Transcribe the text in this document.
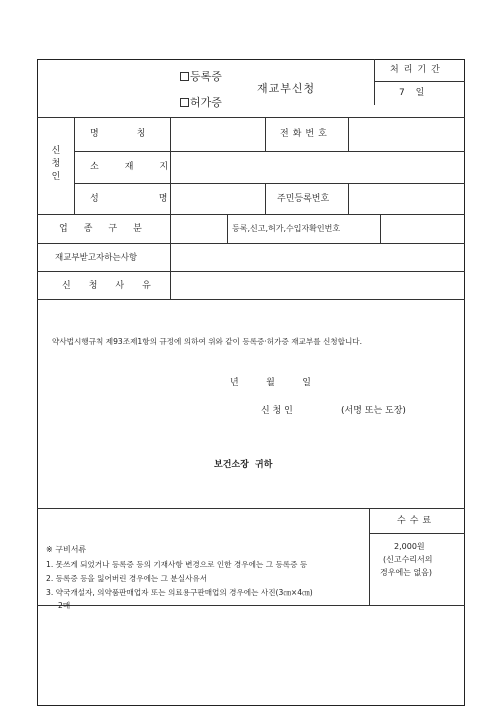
등록증
허가증
재교부신청
처리기간
7 일
신청인
명칭	전화번호
소재지
성명	주민등록번호
업종구분	등록,신고,허가,수입자확인번호
재교부받고자하는사항
신청사유
약사법시행규칙 제93조제1항의 규정에 의하여 위와 같이 등록증·허가증 재교부를 신청합니다.
년    월    일
신 청 인	(서명 또는 도장)
보건소장  귀하
수수료
2,000원
(신고수리서의
경우에는 없음)
※ 구비서류
1. 못쓰게 되었거나 등록증 등의 기재사항 변경으로 인한 경우에는 그 등록증 등
2. 등록증 등을 잃어버린 경우에는 그 분실사유서
3. 약국개설자, 의약품판매업자 또는 의료용구판매업의 경우에는 사진(3㎝×4㎝)
2매
